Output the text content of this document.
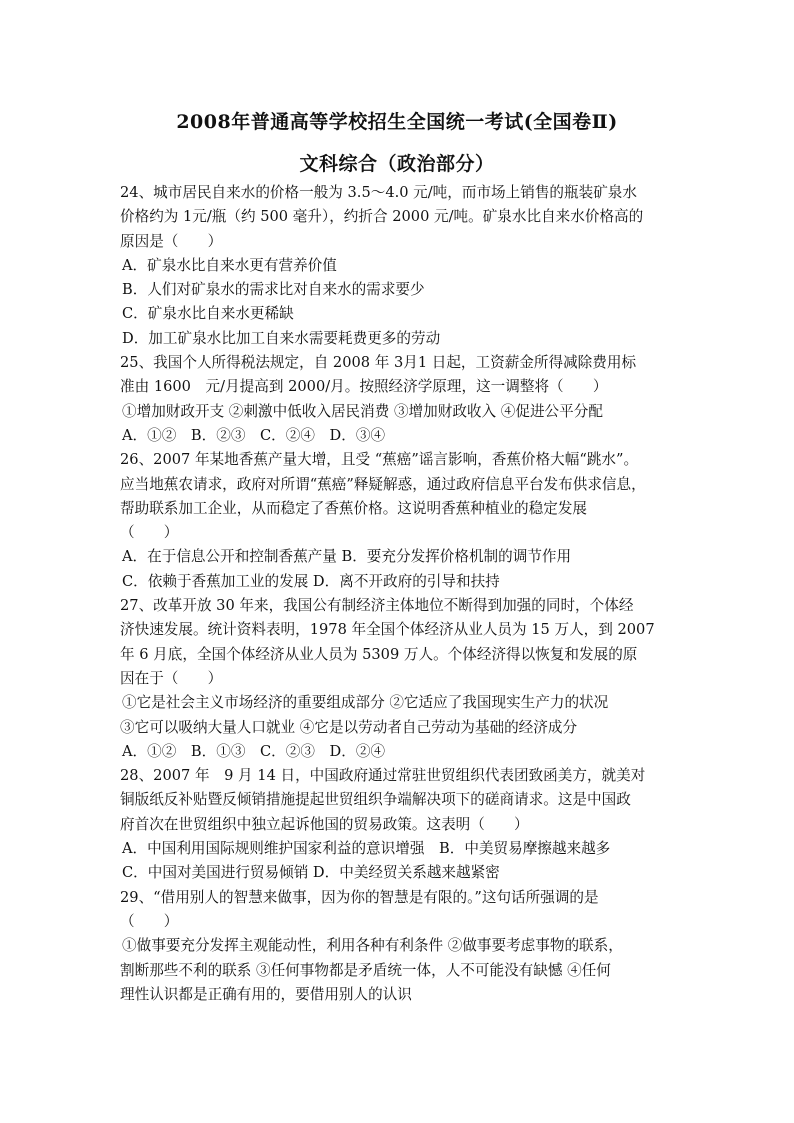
2008年普通高等学校招生全国统一考试(全国卷Ⅱ)
文科综合（政治部分）

24、城市居民自来水的价格一般为 3.5～4.0 元/吨，而市场上销售的瓶装矿泉水

价格约为 1元/瓶（约 500 毫升），约折合 2000 元/吨。矿泉水比自来水价格高的

原因是（　　）

A．矿泉水比自来水更有营养价值

B．人们对矿泉水的需求比对自来水的需求要少

C．矿泉水比自来水更稀缺

D．加工矿泉水比加工自来水需要耗费更多的劳动

25、我国个人所得税法规定，自 2008 年 3月1 日起，工资薪金所得减除费用标

准由 1600　元/月提高到 2000/月。按照经济学原理，这一调整将（　　）

①增加财政开支 ②刺激中低收入居民消费 ③增加财政收入 ④促进公平分配

A．①②　B．②③　C．②④　D．③④

26、2007 年某地香蕉产量大增，且受 “蕉癌”谣言影响，香蕉价格大幅“跳水”。

应当地蕉农请求，政府对所谓“蕉癌”释疑解惑，通过政府信息平台发布供求信息，

帮助联系加工企业，从而稳定了香蕉价格。这说明香蕉种植业的稳定发展

（　　）

A．在于信息公开和控制香蕉产量 B．要充分发挥价格机制的调节作用

C．依赖于香蕉加工业的发展 D．离不开政府的引导和扶持

27、改革开放 30 年来，我国公有制经济主体地位不断得到加强的同时，个体经

济快速发展。统计资料表明，1978 年全国个体经济从业人员为 15 万人，到 2007

年 6 月底，全国个体经济从业人员为 5309 万人。个体经济得以恢复和发展的原

因在于（　　）

①它是社会主义市场经济的重要组成部分 ②它适应了我国现实生产力的状况

③它可以吸纳大量人口就业 ④它是以劳动者自己劳动为基础的经济成分

A．①②　B．①③　C．②③　D．②④

28、2007 年　9 月 14 日，中国政府通过常驻世贸组织代表团致函美方，就美对

铜版纸反补贴暨反倾销措施提起世贸组织争端解决项下的磋商请求。这是中国政

府首次在世贸组织中独立起诉他国的贸易政策。这表明（　　）

A．中国利用国际规则维护国家利益的意识增强　B．中美贸易摩擦越来越多

C．中国对美国进行贸易倾销 D．中美经贸关系越来越紧密

29、“借用别人的智慧来做事，因为你的智慧是有限的。”这句话所强调的是

（　　）

①做事要充分发挥主观能动性，利用各种有利条件 ②做事要考虑事物的联系，

割断那些不利的联系 ③任何事物都是矛盾统一体，人不可能没有缺憾 ④任何

理性认识都是正确有用的，要借用别人的认识
